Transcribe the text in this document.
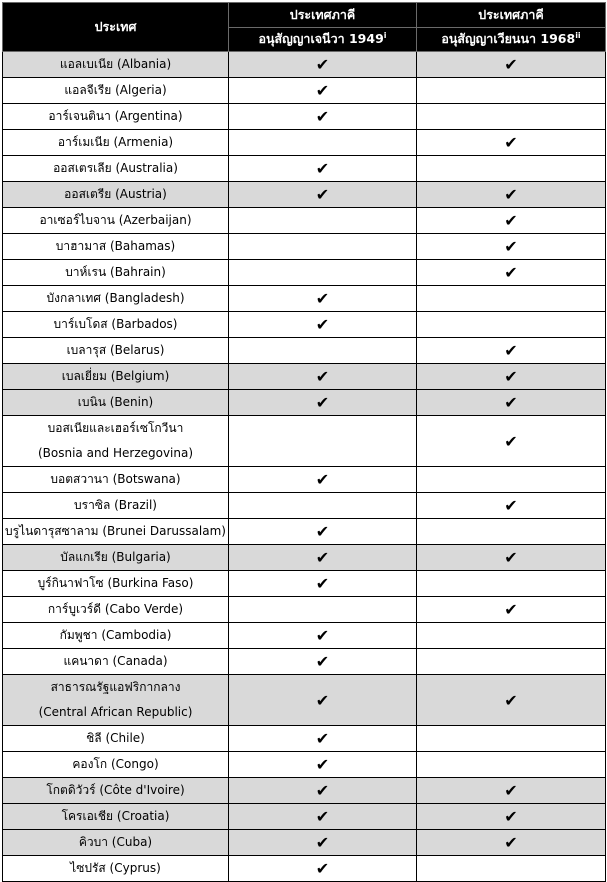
ประเทศ	ประเทศภาคี	ประเทศภาคี
	อนุสัญญาเจนีวา 1949$^i$	อนุสัญญาเวียนนา 1968$^{ii}$

แอลเบเนีย (Albania)	✔	✔

แอลจีเรีย (Algeria)	✔	

อาร์เจนตินา (Argentina)	✔	

อาร์เมเนีย (Armenia)		✔

ออสเตรเลีย (Australia)	✔	

ออสเตรีย (Austria)	✔	✔

อาเซอร์ไบจาน (Azerbaijan)		✔

บาฮามาส (Bahamas)		✔

บาห์เรน (Bahrain)		✔

บังกลาเทศ (Bangladesh)	✔	

บาร์เบโดส (Barbados)	✔	

เบลารุส (Belarus)		✔

เบลเยี่ยม (Belgium)	✔	✔

เบนิน (Benin)	✔	✔

บอสเนียและเฮอร์เซโกวีนา
(Bosnia and Herzegovina)		✔

บอตสวานา (Botswana)	✔	

บราซิล (Brazil)		✔

บรูไนดารุสซาลาม (Brunei Darussalam)	✔	

บัลแกเรีย (Bulgaria)	✔	✔

บูร์กินาฟาโซ (Burkina Faso)	✔	

การ์บูเวร์ดี (Cabo Verde)		✔

กัมพูชา (Cambodia)	✔	

แคนาดา (Canada)	✔	

สาธารณรัฐแอฟริกากลาง
(Central African Republic)	✔	✔

ชิลี (Chile)	✔	

คองโก (Congo)	✔	

โกตดิวัวร์ (Côte d'Ivoire)	✔	✔

โครเอเชีย (Croatia)	✔	✔

คิวบา (Cuba)	✔	✔

ไซปรัส (Cyprus)	✔	
